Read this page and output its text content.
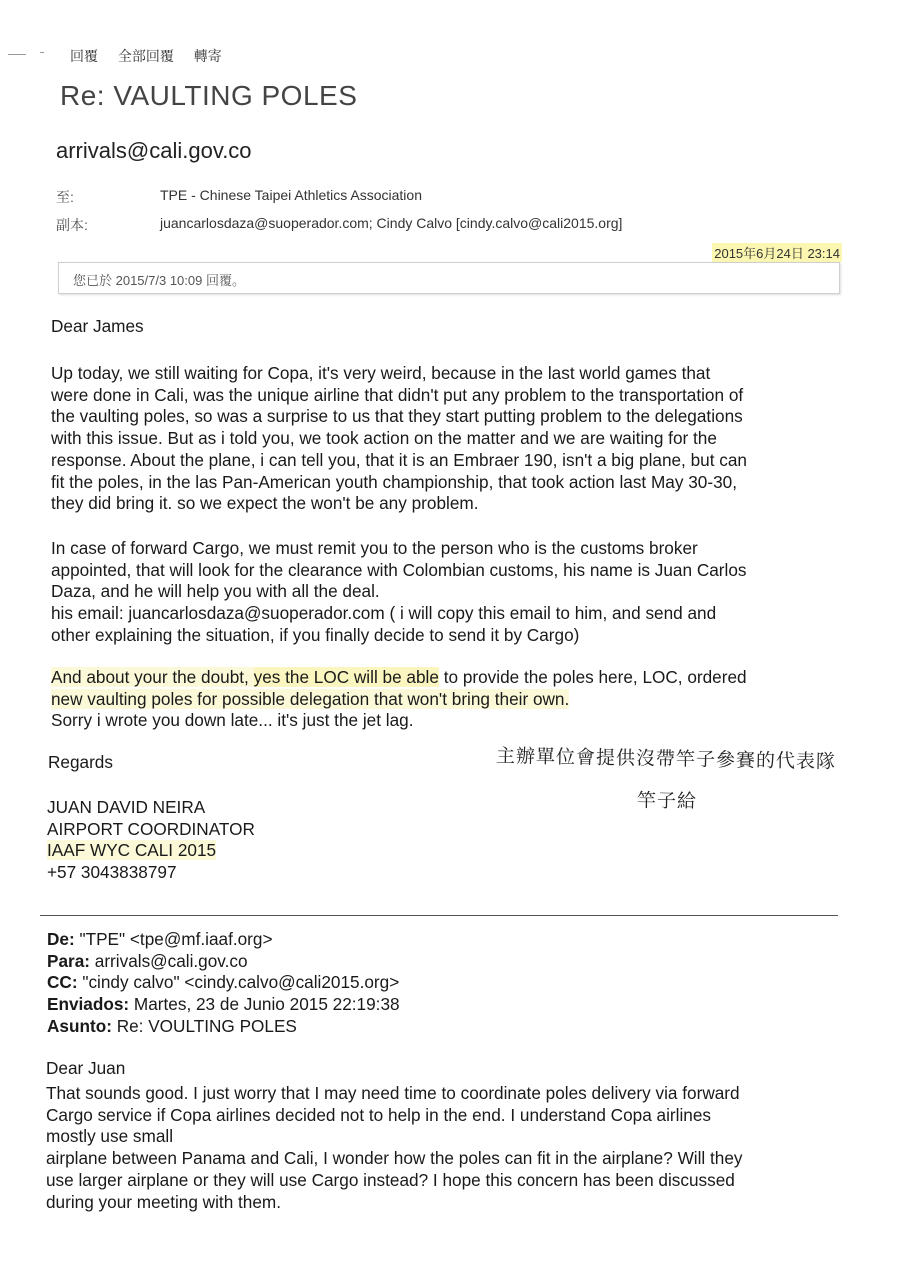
回覆 全部回覆 轉寄
Re: VAULTING POLES
arrivals@cali.gov.co
至:	TPE - Chinese Taipei Athletics Association
副本:	juancarlosdaza@suoperador.com; Cindy Calvo [cindy.calvo@cali2015.org]
2015年6月24日 23:14
您已於 2015/7/3 10:09 回覆。
Dear James
Up today, we still waiting for Copa, it's very weird, because in the last world games that
were done in Cali, was the unique airline that didn't put any problem to the transportation of
the vaulting poles, so was a surprise to us that they start putting problem to the delegations
with this issue. But as i told you, we took action on the matter and we are waiting for the
response. About the plane, i can tell you, that it is an Embraer 190, isn't a big plane, but can
fit the poles, in the las Pan-American youth championship, that took action last May 30-30,
they did bring it. so we expect the won't be any problem.
In case of forward Cargo, we must remit you to the person who is the customs broker
appointed, that will look for the clearance with Colombian customs, his name is Juan Carlos
Daza, and he will help you with all the deal.
his email: juancarlosdaza@suoperador.com ( i will copy this email to him, and send and
other explaining the situation, if you finally decide to send it by Cargo)
And about your the doubt, yes the LOC will be able to provide the poles here, LOC, ordered
new vaulting poles for possible delegation that won't bring their own.
Sorry i wrote you down late... it's just the jet lag.
Regards
JUAN DAVID NEIRA
AIRPORT COORDINATOR
IAAF WYC CALI 2015
+57 3043838797
主辦單位會提供沒帶竿子參賽的代表隊
竿子給
De: "TPE" <tpe@mf.iaaf.org>
Para: arrivals@cali.gov.co
CC: "cindy calvo" <cindy.calvo@cali2015.org>
Enviados: Martes, 23 de Junio 2015 22:19:38
Asunto: Re: VOULTING POLES
Dear Juan
That sounds good. I just worry that I may need time to coordinate poles delivery via forward
Cargo service if Copa airlines decided not to help in the end. I understand Copa airlines
mostly use small
airplane between Panama and Cali, I wonder how the poles can fit in the airplane? Will they
use larger airplane or they will use Cargo instead? I hope this concern has been discussed
during your meeting with them.
